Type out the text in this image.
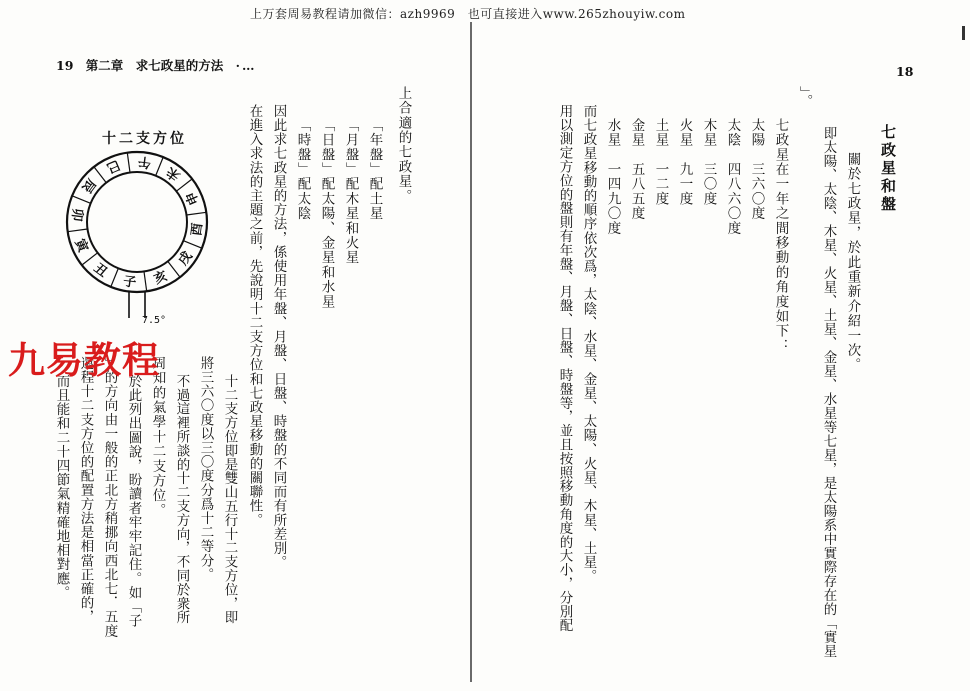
上万套周易教程请加微信：azh9969　也可直接进入www.265zhouyiw.com
19 第二章　求七政星的方法 ·…
上合適的七政星。
「年盤」配土星
「月盤」配木星和火星
「日盤」配太陽、金星和水星
「時盤」配太陰
因此求七政星的方法，係使用年盤、月盤、日盤、時盤的不同而有所差別。
在進入求法的主題之前，先說明十二支方位和七政星移動的關聯性。
十二支方位即是雙山五行十二支方位，即
將三六〇度以三〇度分爲十二等分。
不過這裡所談的十二支方向，不同於衆所
周知的氣學十二支方位。
於此列出圖說，盼讀者牢牢記住。如「子
」的方向由一般的正北方稍挪向西北七．五度
還程十二支方位的配置方法是相當正確的，
而且能和二十四節氣精確地相對應。
十二支方位
子
丑
寅
卯
辰
巳 午
未
申
酉
戌
亥
7.5°
九易教程
18
七政星和盤
關於七政星，於此重新介紹一次。
即太陽、太陰、木星、火星、土星、金星、水星等七星，是太陽系中實際存在的「實星
」。
七政星在一年之間移動的角度如下：
太陽　三六〇度
太陰　四八六〇度
木星　三〇度
火星　九一度
土星　一二度
金星　五八五度
水星　一四九〇度
而七政星移動的順序依次爲，太陰、水星、金星、太陽、火星、木星、土星。
用以測定方位的盤則有年盤、月盤、日盤、時盤等，並且按照移動角度的大小，分別配
